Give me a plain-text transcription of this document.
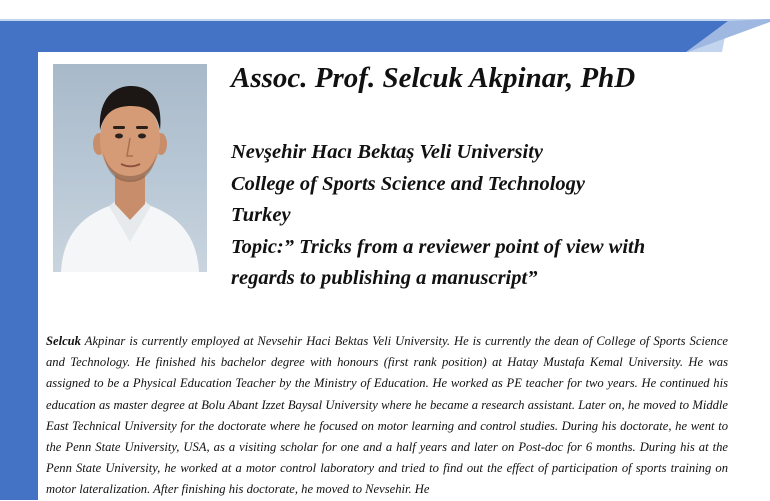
Assoc. Prof. Selcuk Akpinar, PhD
Nevşehir Hacı Bektaş Veli University
College of Sports Science and Technology
Turkey
Topic:” Tricks from a reviewer point of view with regards to publishing a manuscript”

Selcuk Akpinar is currently employed at Nevsehir Haci Bektas Veli University. He is currently the dean of College of Sports Science and Technology. He finished his bachelor degree with honours (first rank position) at Hatay Mustafa Kemal University. He was assigned to be a Physical Education Teacher by the Ministry of Education. He worked as PE teacher for two years. He continued his education as master degree at Bolu Abant Izzet Baysal University where he became a research assistant. Later on, he moved to Middle East Technical University for the doctorate where he focused on motor learning and control studies. During his doctorate, he went to the Penn State University, USA, as a visiting scholar for one and a half years and later on Post-doc for 6 months. During his at the Penn State University, he worked at a motor control laboratory and tried to find out the effect of participation of sports training on motor lateralization. After finishing his doctorate, he moved to Nevsehir. He
